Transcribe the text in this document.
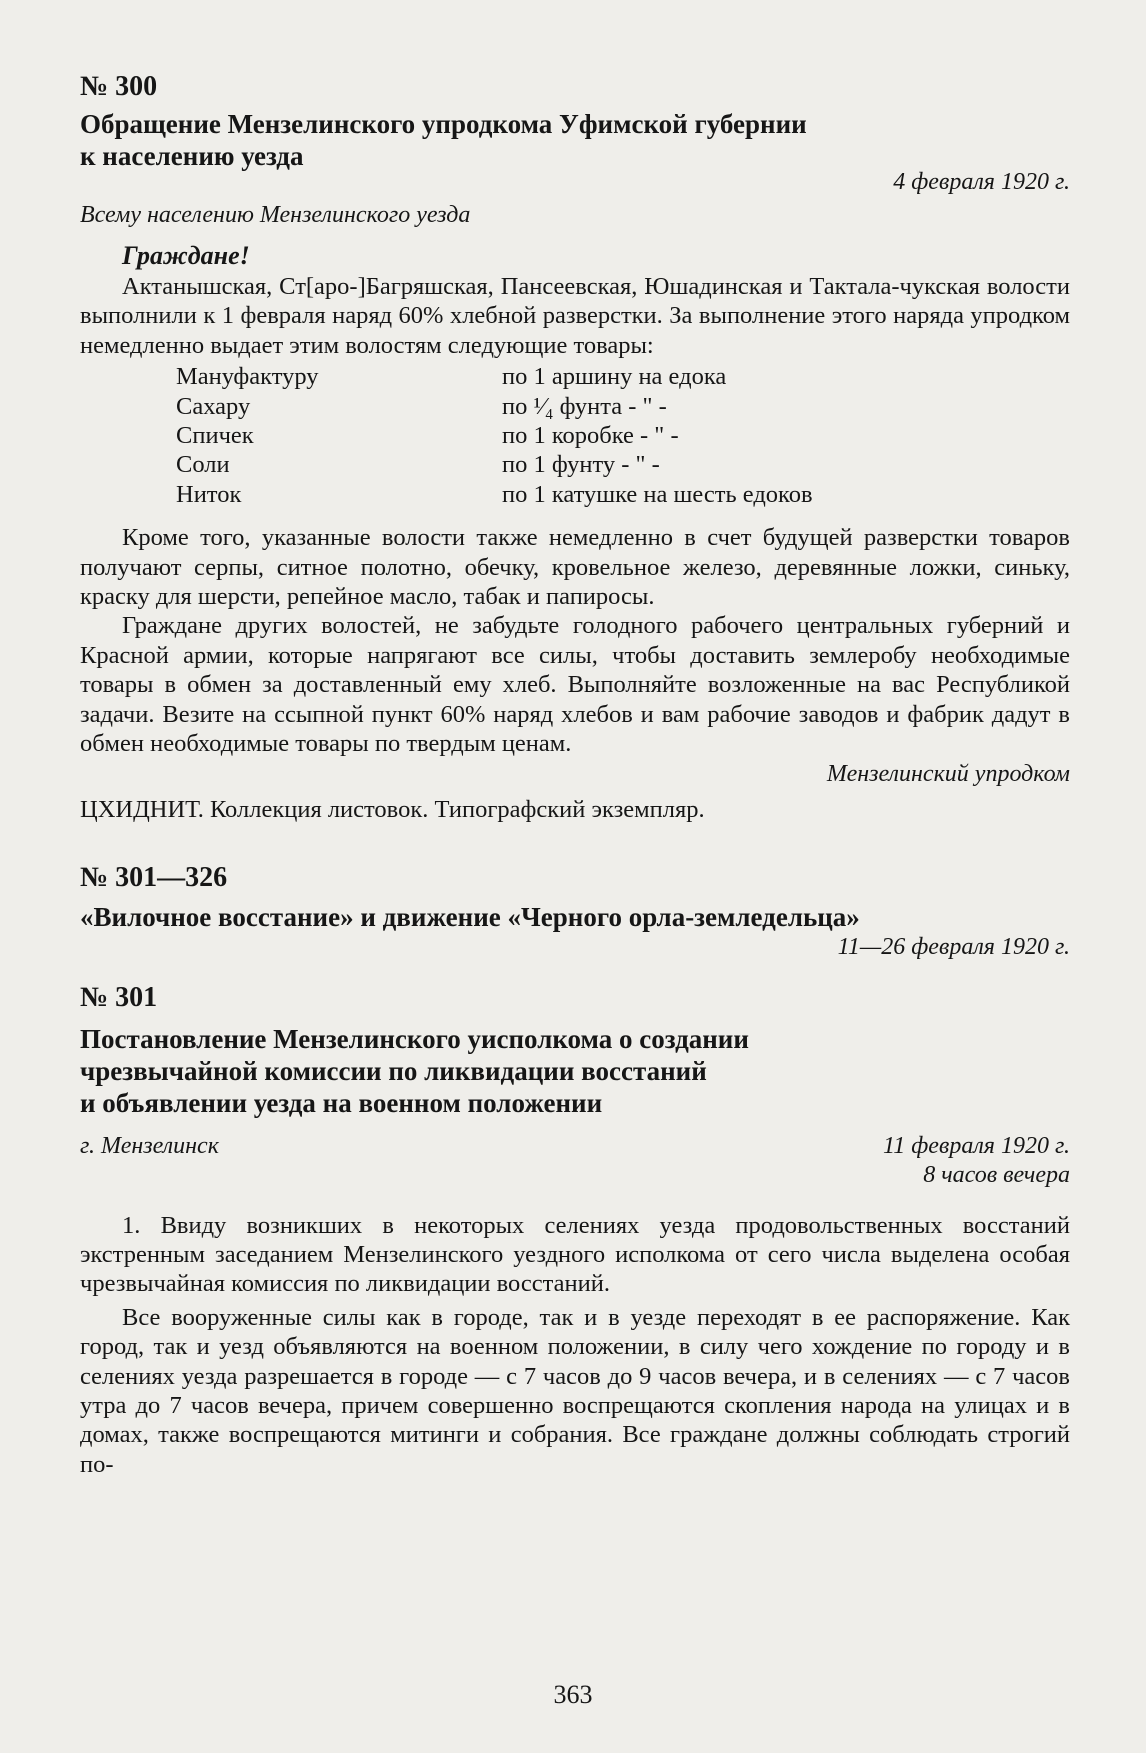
№ 300
Обращение Мензелинского упродкома Уфимской губернии
к населению уезда
4 февраля 1920 г.
Всему населению Мензелинского уезда
Граждане!

Актанышская, Ст[аро-]Багряшская, Пансеевская, Юшадинская и Тактала-чукская волости выполнили к 1 февраля наряд 60% хлебной разверстки. За выполнение этого наряда упродком немедленно выдает этим волостям следующие товары:

Мануфактуру	по 1 аршину на едока
Сахару	по ¹⁄₄ фунта - " -
Спичек	по 1 коробке - " -
Соли	по 1 фунту - " -
Ниток	по 1 катушке на шесть едоков

Кроме того, указанные волости также немедленно в счет будущей разверстки товаров получают серпы, ситное полотно, обечку, кровельное железо, деревянные ложки, синьку, краску для шерсти, репейное масло, табак и папиросы.

Граждане других волостей, не забудьте голодного рабочего центральных губерний и Красной армии, которые напрягают все силы, чтобы доставить землеробу необходимые товары в обмен за доставленный ему хлеб. Выполняйте возложенные на вас Республикой задачи. Везите на ссыпной пункт 60% наряд хлебов и вам рабочие заводов и фабрик дадут в обмен необходимые товары по твердым ценам.

Мензелинский упродком
ЦХИДНИТ. Коллекция листовок. Типографский экземпляр.
№ 301—326
«Вилочное восстание» и движение «Черного орла-земледельца»
11—26 февраля 1920 г.
№ 301
Постановление Мензелинского уисполкома о создании
чрезвычайной комиссии по ликвидации восстаний
и объявлении уезда на военном положении
г. Мензелинск	11 февраля 1920 г.
8 часов вечера

1. Ввиду возникших в некоторых селениях уезда продовольственных восстаний экстренным заседанием Мензелинского уездного исполкома от сего числа выделена особая чрезвычайная комиссия по ликвидации восстаний.

Все вооруженные силы как в городе, так и в уезде переходят в ее распоряжение. Как город, так и уезд объявляются на военном положении, в силу чего хождение по городу и в селениях уезда разрешается в городе — с 7 часов до 9 часов вечера, и в селениях — с 7 часов утра до 7 часов вечера, причем совершенно воспрещаются скопления народа на улицах и в домах, также воспрещаются митинги и собрания. Все граждане должны соблюдать строгий по-

363
